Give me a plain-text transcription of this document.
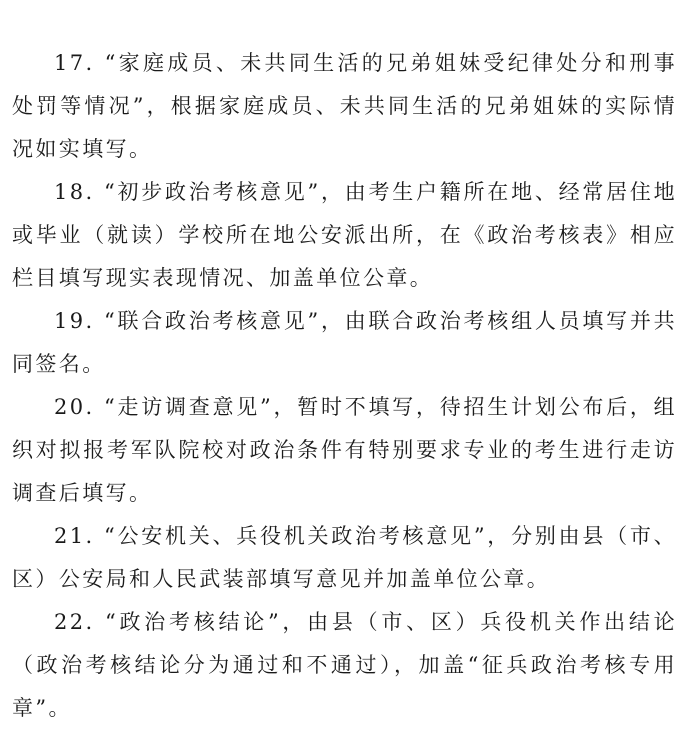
17. “家庭成员、未共同生活的兄弟姐妹受纪律处分和刑事处罚等情况”，根据家庭成员、未共同生活的兄弟姐妹的实际情况如实填写。

18. “初步政治考核意见”，由考生户籍所在地、经常居住地或毕业（就读）学校所在地公安派出所，在《政治考核表》相应栏目填写现实表现情况、加盖单位公章。

19. “联合政治考核意见”，由联合政治考核组人员填写并共同签名。

20. “走访调查意见”，暂时不填写，待招生计划公布后，组织对拟报考军队院校对政治条件有特别要求专业的考生进行走访调查后填写。

21. “公安机关、兵役机关政治考核意见”，分别由县（市、区）公安局和人民武装部填写意见并加盖单位公章。

22. “政治考核结论”，由县（市、区）兵役机关作出结论（政治考核结论分为通过和不通过），加盖“征兵政治考核专用章”。
